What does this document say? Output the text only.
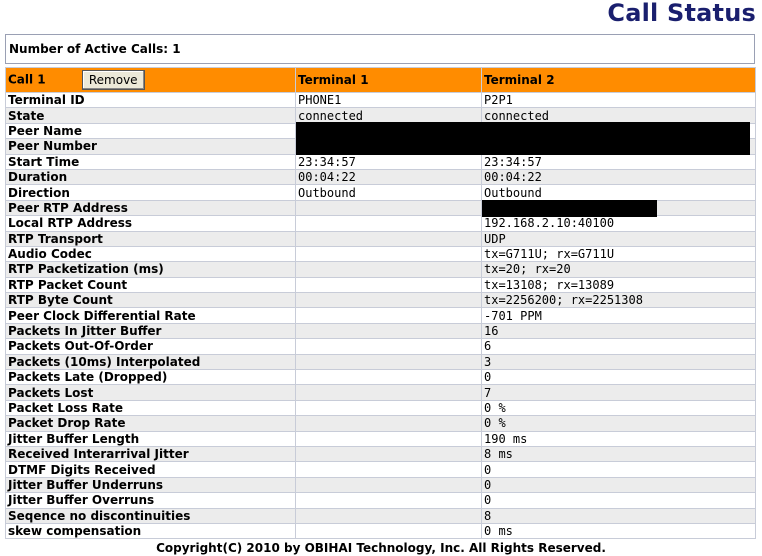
Call Status
Number of Active Calls: 1
Call 1 Remove	Terminal 1	Terminal 2
Terminal ID	PHONE1	P2P1
State	connected	connected
Peer Name		
Peer Number		
Start Time	23:34:57	23:34:57
Duration	00:04:22	00:04:22
Direction	Outbound	Outbound
Peer RTP Address		
Local RTP Address		192.168.2.10:40100
RTP Transport		UDP
Audio Codec		tx=G711U; rx=G711U
RTP Packetization (ms)		tx=20; rx=20
RTP Packet Count		tx=13108; rx=13089
RTP Byte Count		tx=2256200; rx=2251308
Peer Clock Differential Rate		-701 PPM
Packets In Jitter Buffer		16
Packets Out-Of-Order		6
Packets (10ms) Interpolated		3
Packets Late (Dropped)		0
Packets Lost		7
Packet Loss Rate		0 %
Packet Drop Rate		0 %
Jitter Buffer Length		190 ms
Received Interarrival Jitter		8 ms
DTMF Digits Received		0
Jitter Buffer Underruns		0
Jitter Buffer Overruns		0
Seqence no discontinuities		8
skew compensation		0 ms
Copyright(C) 2010 by OBIHAI Technology, Inc. All Rights Reserved.
